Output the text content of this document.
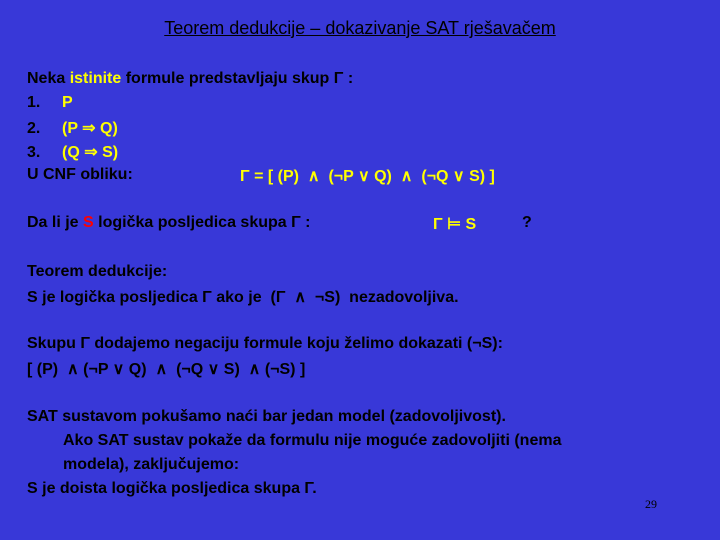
Teorem dedukcije – dokazivanje SAT rješavačem
Neka istinite formule predstavljaju skup Γ :
1. P
2. (P ⇒ Q)
3. (Q ⇒ S)
U CNF obliku:	Γ = [ (P)  ∧  (¬P ∨ Q)  ∧  (¬Q ∨ S) ]
Da li je S logička posljedica skupa Γ :	Γ ⊨ S	?
Teorem dedukcije:
S je logička posljedica Γ ako je  (Γ  ∧  ¬S)  nezadovoljiva.
Skupu Γ dodajemo negaciju formule koju želimo dokazati (¬S):
[ (P)  ∧ (¬P ∨ Q)  ∧  (¬Q ∨ S)  ∧ (¬S) ]
SAT sustavom pokušamo naći bar jedan model (zadovoljivost).
Ako SAT sustav pokaže da formulu nije moguće zadovoljiti (nema
modela), zaključujemo:
S je doista logička posljedica skupa Γ.
29
